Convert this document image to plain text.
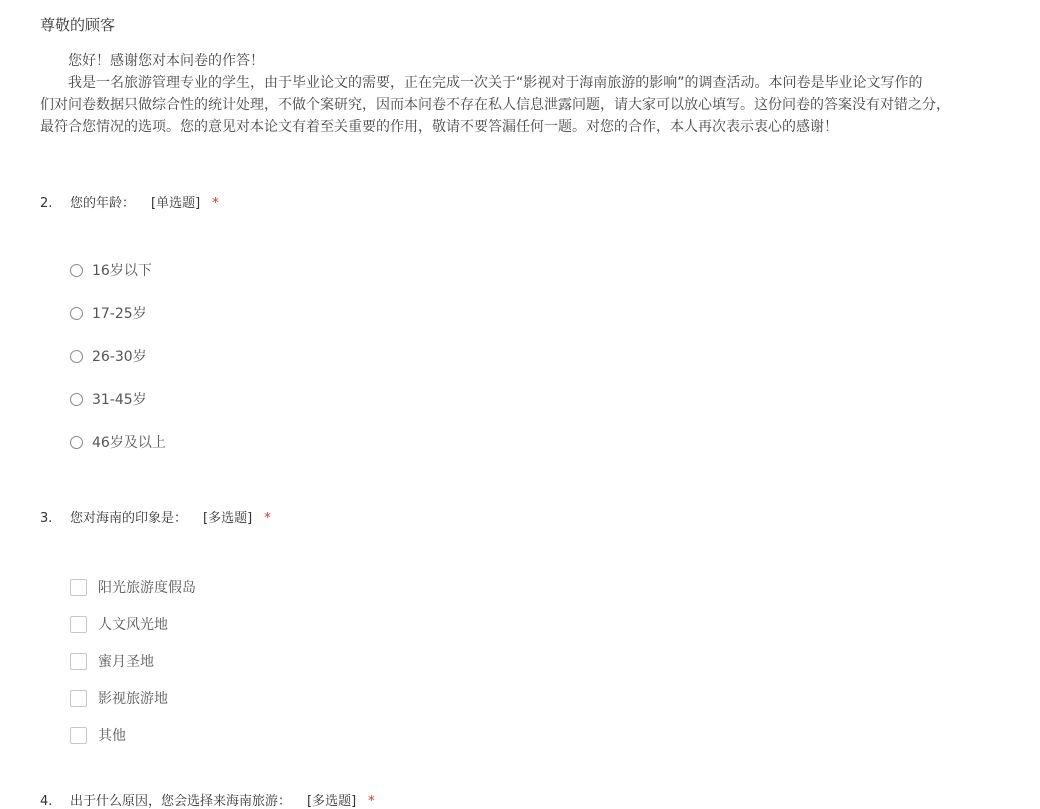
尊敬的顾客
您好！感谢您对本问卷的作答！
我是一名旅游管理专业的学生，由于毕业论文的需要，正在完成一次关于“影视对于海南旅游的影响”的调查活动。本问卷是毕业论文写作的
们对问卷数据只做综合性的统计处理，不做个案研究，因而本问卷不存在私人信息泄露问题，请大家可以放心填写。这份问卷的答案没有对错之分，
最符合您情况的选项。您的意见对本论文有着至关重要的作用，敬请不要答漏任何一题。对您的合作，本人再次表示衷心的感谢！
2. 您的年龄： [单选题] *
16岁以下
17-25岁
26-30岁
31-45岁
46岁及以上
3. 您对海南的印象是： [多选题] *
阳光旅游度假岛
人文风光地
蜜月圣地
影视旅游地
其他
4. 出于什么原因，您会选择来海南旅游： [多选题] *
